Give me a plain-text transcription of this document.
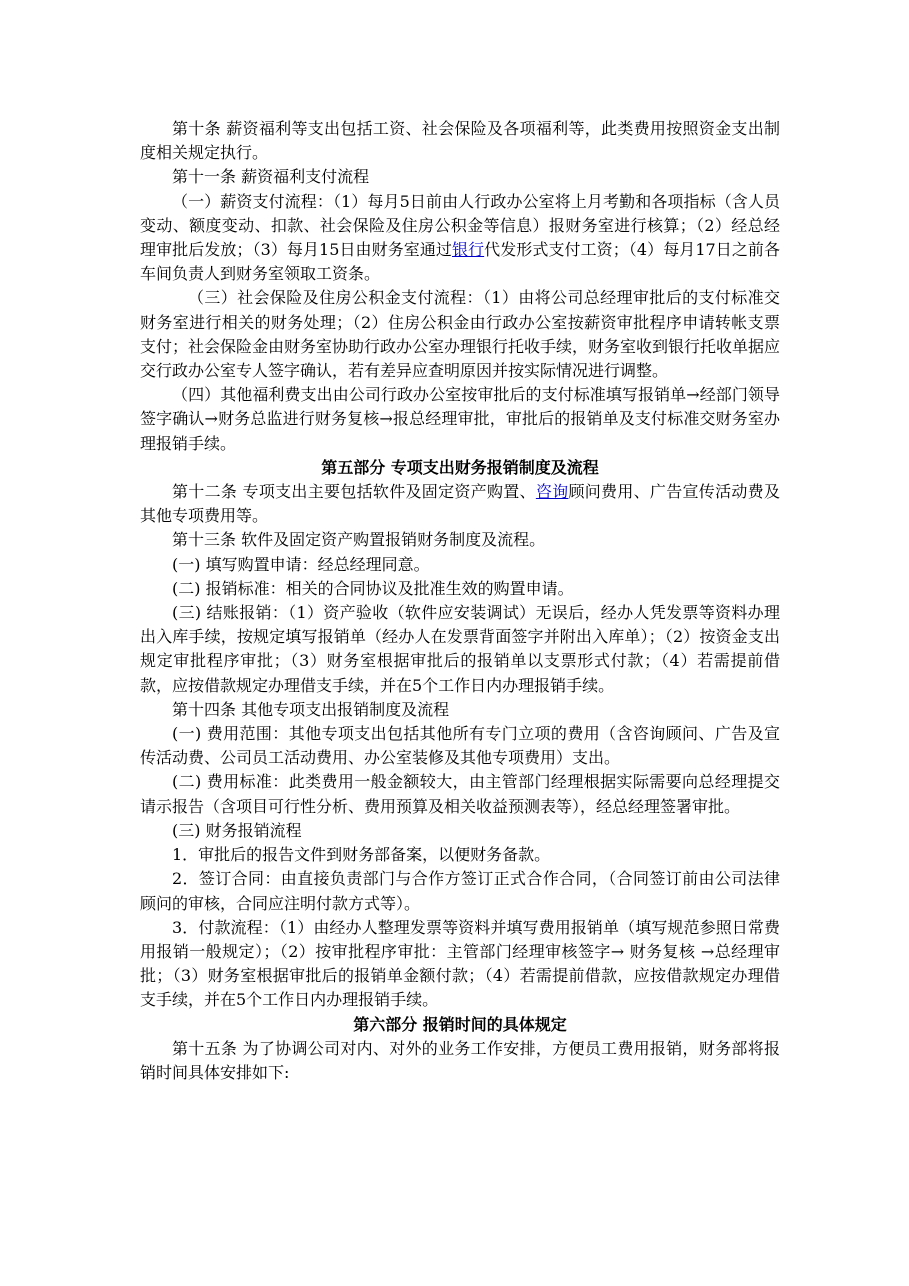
第十条 薪资福利等支出包括工资、社会保险及各项福利等，此类费用按照资金支出制度相关规定执行。

第十一条 薪资福利支付流程

（一）薪资支付流程：（1）每月5日前由人行政办公室将上月考勤和各项指标（含人员变动、额度变动、扣款、社会保险及住房公积金等信息）报财务室进行核算；（2）经总经理审批后发放；（3）每月15日由财务室通过银行代发形式支付工资；（4）每月17日之前各车间负责人到财务室领取工资条。

（三）社会保险及住房公积金支付流程：（1）由将公司总经理审批后的支付标准交财务室进行相关的财务处理；（2）住房公积金由行政办公室按薪资审批程序申请转帐支票支付；社会保险金由财务室协助行政办公室办理银行托收手续，财务室收到银行托收单据应交行政办公室专人签字确认，若有差异应查明原因并按实际情况进行调整。

（四）其他福利费支出由公司行政办公室按审批后的支付标准填写报销单→经部门领导签字确认→财务总监进行财务复核→报总经理审批，审批后的报销单及支付标准交财务室办理报销手续。

第五部分 专项支出财务报销制度及流程

第十二条 专项支出主要包括软件及固定资产购置、咨询顾问费用、广告宣传活动费及其他专项费用等。

第十三条 软件及固定资产购置报销财务制度及流程。

(一) 填写购置申请：经总经理同意。

(二) 报销标准：相关的合同协议及批准生效的购置申请。

(三) 结账报销：（1）资产验收（软件应安装调试）无误后，经办人凭发票等资料办理出入库手续，按规定填写报销单（经办人在发票背面签字并附出入库单）；（2）按资金支出规定审批程序审批；（3）财务室根据审批后的报销单以支票形式付款；（4）若需提前借款，应按借款规定办理借支手续，并在5个工作日内办理报销手续。

第十四条 其他专项支出报销制度及流程

(一) 费用范围：其他专项支出包括其他所有专门立项的费用（含咨询顾问、广告及宣传活动费、公司员工活动费用、办公室装修及其他专项费用）支出。

(二) 费用标准：此类费用一般金额较大，由主管部门经理根据实际需要向总经理提交请示报告（含项目可行性分析、费用预算及相关收益预测表等），经总经理签署审批。

(三) 财务报销流程

1．审批后的报告文件到财务部备案，以便财务备款。

2．签订合同：由直接负责部门与合作方签订正式合作合同，（合同签订前由公司法律顾问的审核，合同应注明付款方式等）。

3．付款流程：（1）由经办人整理发票等资料并填写费用报销单（填写规范参照日常费用报销一般规定）；（2）按审批程序审批：主管部门经理审核签字→ 财务复核 →总经理审批；（3）财务室根据审批后的报销单金额付款；（4）若需提前借款，应按借款规定办理借支手续，并在5个工作日内办理报销手续。

第六部分 报销时间的具体规定

第十五条 为了协调公司对内、对外的业务工作安排，方便员工费用报销，财务部将报销时间具体安排如下:
